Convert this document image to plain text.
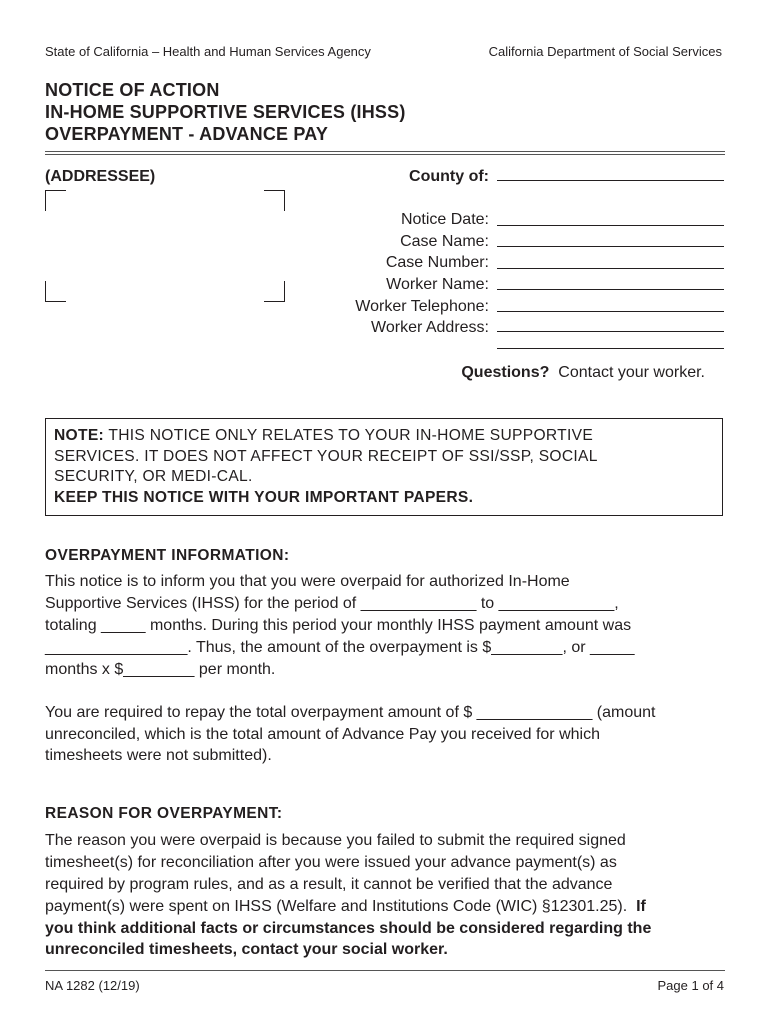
State of California – Health and Human Services Agency	California Department of Social Services
NOTICE OF ACTION
IN-HOME SUPPORTIVE SERVICES (IHSS)
OVERPAYMENT - ADVANCE PAY
(ADDRESSEE)	County of:
Notice Date:
Case Name:
Case Number:
Worker Name:
Worker Telephone:
Worker Address:
Questions? Contact your worker.
NOTE: THIS NOTICE ONLY RELATES TO YOUR IN-HOME SUPPORTIVE
SERVICES. IT DOES NOT AFFECT YOUR RECEIPT OF SSI/SSP, SOCIAL
SECURITY, OR MEDI-CAL.
KEEP THIS NOTICE WITH YOUR IMPORTANT PAPERS.
OVERPAYMENT INFORMATION:
This notice is to inform you that you were overpaid for authorized In-Home
Supportive Services (IHSS) for the period of _____________ to _____________,
totaling _____ months. During this period your monthly IHSS payment amount was
________________. Thus, the amount of the overpayment is $________, or _____
months x $________ per month.
You are required to repay the total overpayment amount of $ _____________ (amount
unreconciled, which is the total amount of Advance Pay you received for which
timesheets were not submitted).
REASON FOR OVERPAYMENT:
The reason you were overpaid is because you failed to submit the required signed
timesheet(s) for reconciliation after you were issued your advance payment(s) as
required by program rules, and as a result, it cannot be verified that the advance
payment(s) were spent on IHSS (Welfare and Institutions Code (WIC) §12301.25). If
you think additional facts or circumstances should be considered regarding the
unreconciled timesheets, contact your social worker.
NA 1282 (12/19)	Page 1 of 4
